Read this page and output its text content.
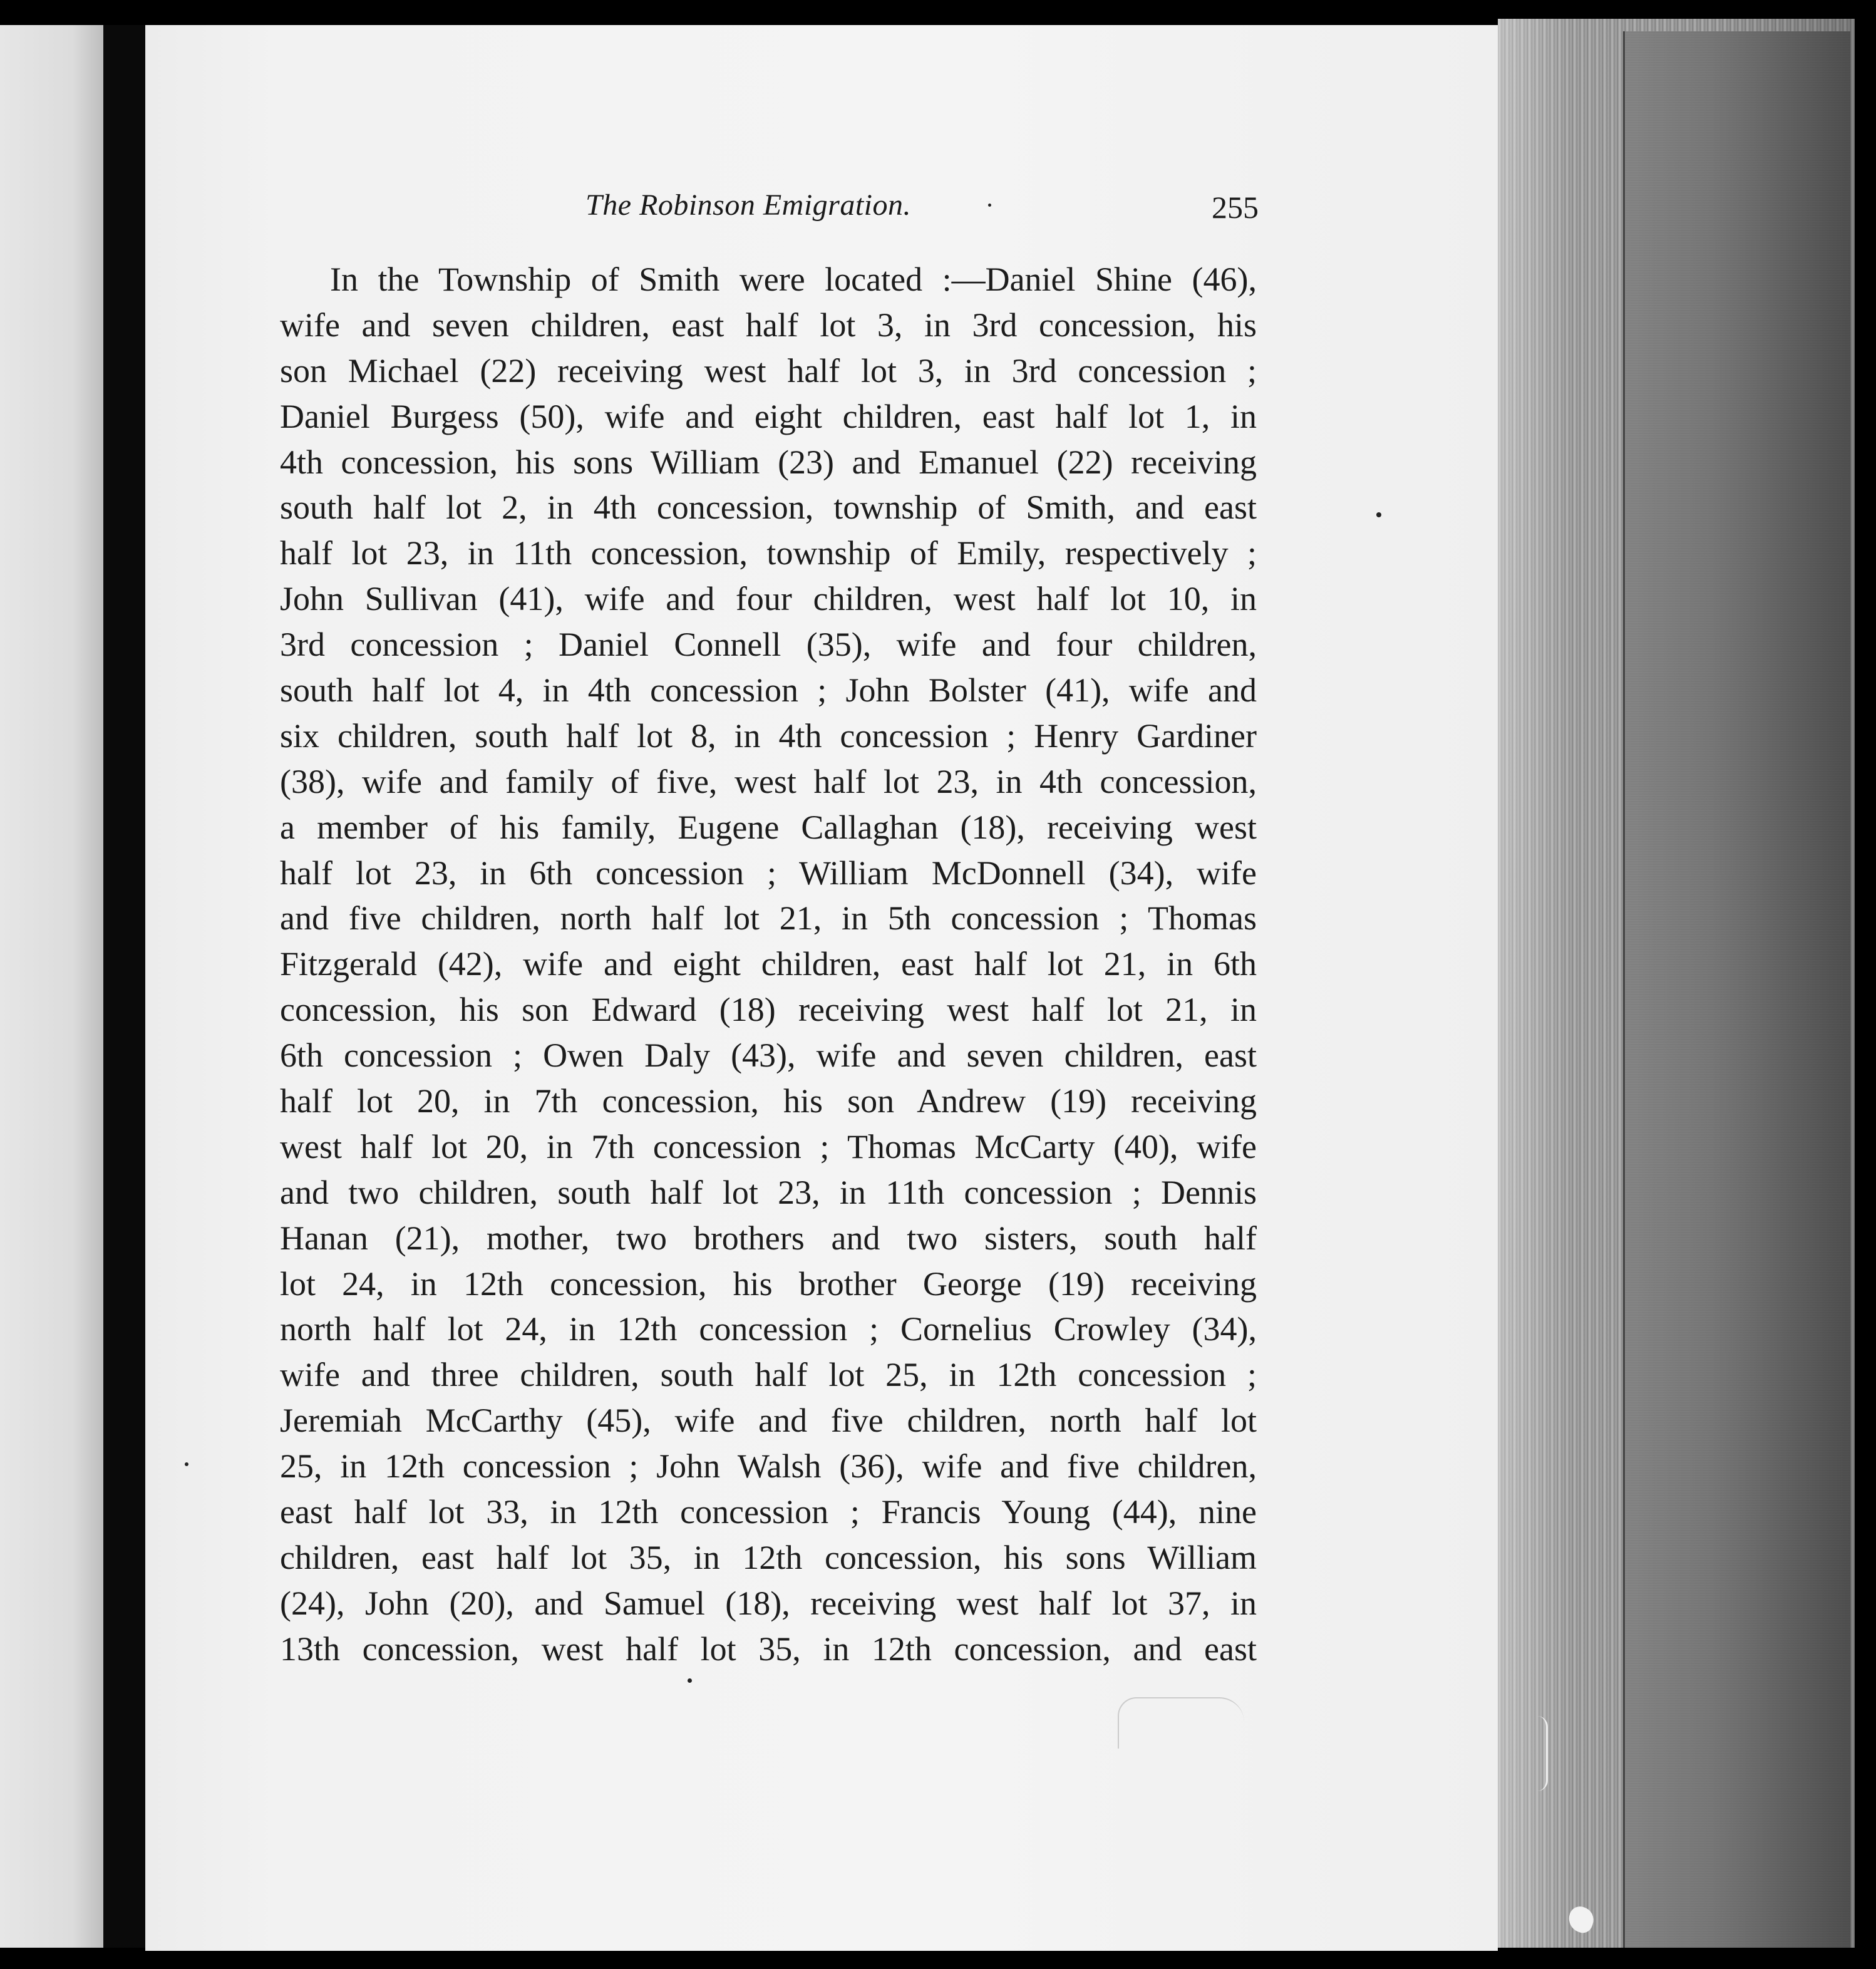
The Robinson Emigration.	255
In the Township of Smith were located :—Daniel Shine (46),
wife and seven children, east half lot 3, in 3rd concession, his
son Michael (22) receiving west half lot 3, in 3rd concession ;
Daniel Burgess (50), wife and eight children, east half lot 1, in
4th concession, his sons William (23) and Emanuel (22) receiving
south half lot 2, in 4th concession, township of Smith, and east
half lot 23, in 11th concession, township of Emily, respectively ;
John Sullivan (41), wife and four children, west half lot 10, in
3rd concession ; Daniel Connell (35), wife and four children,
south half lot 4, in 4th concession ; John Bolster (41), wife and
six children, south half lot 8, in 4th concession ; Henry Gardiner
(38), wife and family of five, west half lot 23, in 4th concession,
a member of his family, Eugene Callaghan (18), receiving west
half lot 23, in 6th concession ; William McDonnell (34), wife
and five children, north half lot 21, in 5th concession ; Thomas
Fitzgerald (42), wife and eight children, east half lot 21, in 6th
concession, his son Edward (18) receiving west half lot 21, in
6th concession ; Owen Daly (43), wife and seven children, east
half lot 20, in 7th concession, his son Andrew (19) receiving
west half lot 20, in 7th concession ; Thomas McCarty (40), wife
and two children, south half lot 23, in 11th concession ; Dennis
Hanan (21), mother, two brothers and two sisters, south half
lot 24, in 12th concession, his brother George (19) receiving
north half lot 24, in 12th concession ; Cornelius Crowley (34),
wife and three children, south half lot 25, in 12th concession ;
Jeremiah McCarthy (45), wife and five children, north half lot
25, in 12th concession ; John Walsh (36), wife and five children,
east half lot 33, in 12th concession ; Francis Young (44), nine
children, east half lot 35, in 12th concession, his sons William
(24), John (20), and Samuel (18), receiving west half lot 37, in
13th concession, west half lot 35, in 12th concession, and east
